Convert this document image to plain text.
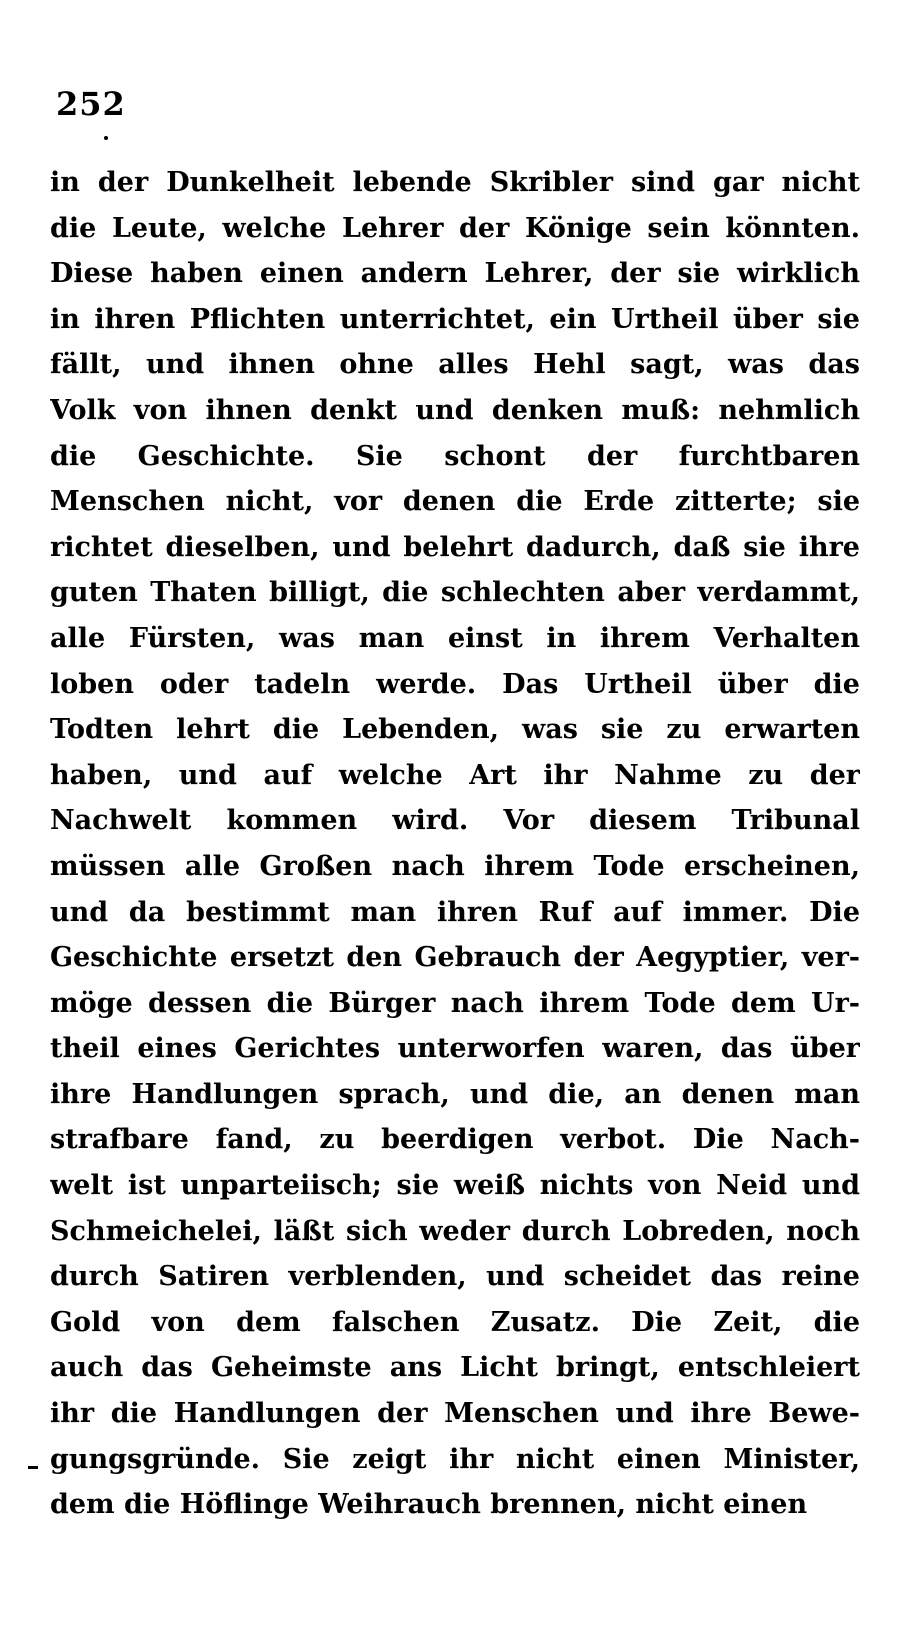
252
in der Dunkelheit lebende Skribler sind gar nicht
die Leute, welche Lehrer der Könige sein könnten.
Diese haben einen andern Lehrer, der sie wirklich
in ihren Pflichten unterrichtet, ein Urtheil über sie
fällt, und ihnen ohne alles Hehl sagt, was das
Volk von ihnen denkt und denken muß: nehmlich
die Geschichte. Sie schont der furchtbaren
Menschen nicht, vor denen die Erde zitterte; sie
richtet dieselben, und belehrt dadurch, daß sie ihre
guten Thaten billigt, die schlechten aber verdammt,
alle Fürsten, was man einst in ihrem Verhalten
loben oder tadeln werde. Das Urtheil über die
Todten lehrt die Lebenden, was sie zu erwarten
haben, und auf welche Art ihr Nahme zu der
Nachwelt kommen wird. Vor diesem Tribunal
müssen alle Großen nach ihrem Tode erscheinen,
und da bestimmt man ihren Ruf auf immer. Die
Geschichte ersetzt den Gebrauch der Aegyptier, ver-
möge dessen die Bürger nach ihrem Tode dem Ur-
theil eines Gerichtes unterworfen waren, das über
ihre Handlungen sprach, und die, an denen man
strafbare fand, zu beerdigen verbot. Die Nach-
welt ist unparteiisch; sie weiß nichts von Neid und
Schmeichelei, läßt sich weder durch Lobreden, noch
durch Satiren verblenden, und scheidet das reine
Gold von dem falschen Zusatz. Die Zeit, die
auch das Geheimste ans Licht bringt, entschleiert
ihr die Handlungen der Menschen und ihre Bewe-
gungsgründe. Sie zeigt ihr nicht einen Minister,
dem die Höflinge Weihrauch brennen, nicht einen
